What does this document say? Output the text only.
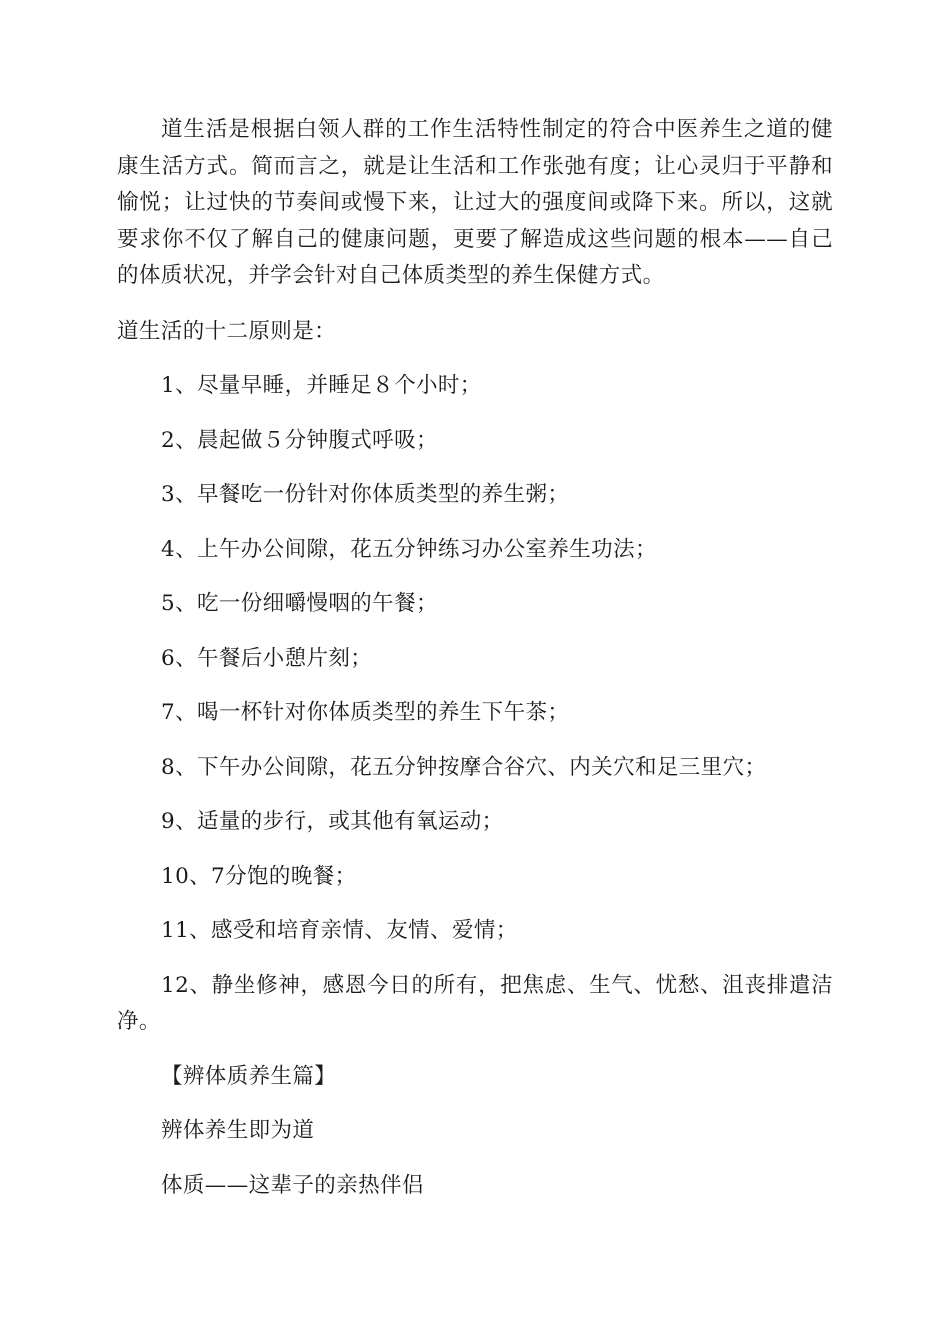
道生活是根据白领人群的工作生活特性制定的符合中医养生之道的健康生活方式。简而言之，就是让生活和工作张弛有度；让心灵归于平静和愉悦；让过快的节奏间或慢下来，让过大的强度间或降下来。所以，这就要求你不仅了解自己的健康问题，更要了解造成这些问题的根本——自己的体质状况，并学会针对自己体质类型的养生保健方式。

道生活的十二原则是：

1、尽量早睡，并睡足８个小时；

2、晨起做５分钟腹式呼吸；

3、早餐吃一份针对你体质类型的养生粥；

4、上午办公间隙，花五分钟练习办公室养生功法；

5、吃一份细嚼慢咽的午餐；

6、午餐后小憩片刻；

7、喝一杯针对你体质类型的养生下午茶；

8、下午办公间隙，花五分钟按摩合谷穴、内关穴和足三里穴；

9、适量的步行，或其他有氧运动；

10、7分饱的晚餐；

11、感受和培育亲情、友情、爱情；

12、静坐修神，感恩今日的所有，把焦虑、生气、忧愁、沮丧排遣洁净。

【辨体质养生篇】

辨体养生即为道

体质——这辈子的亲热伴侣
